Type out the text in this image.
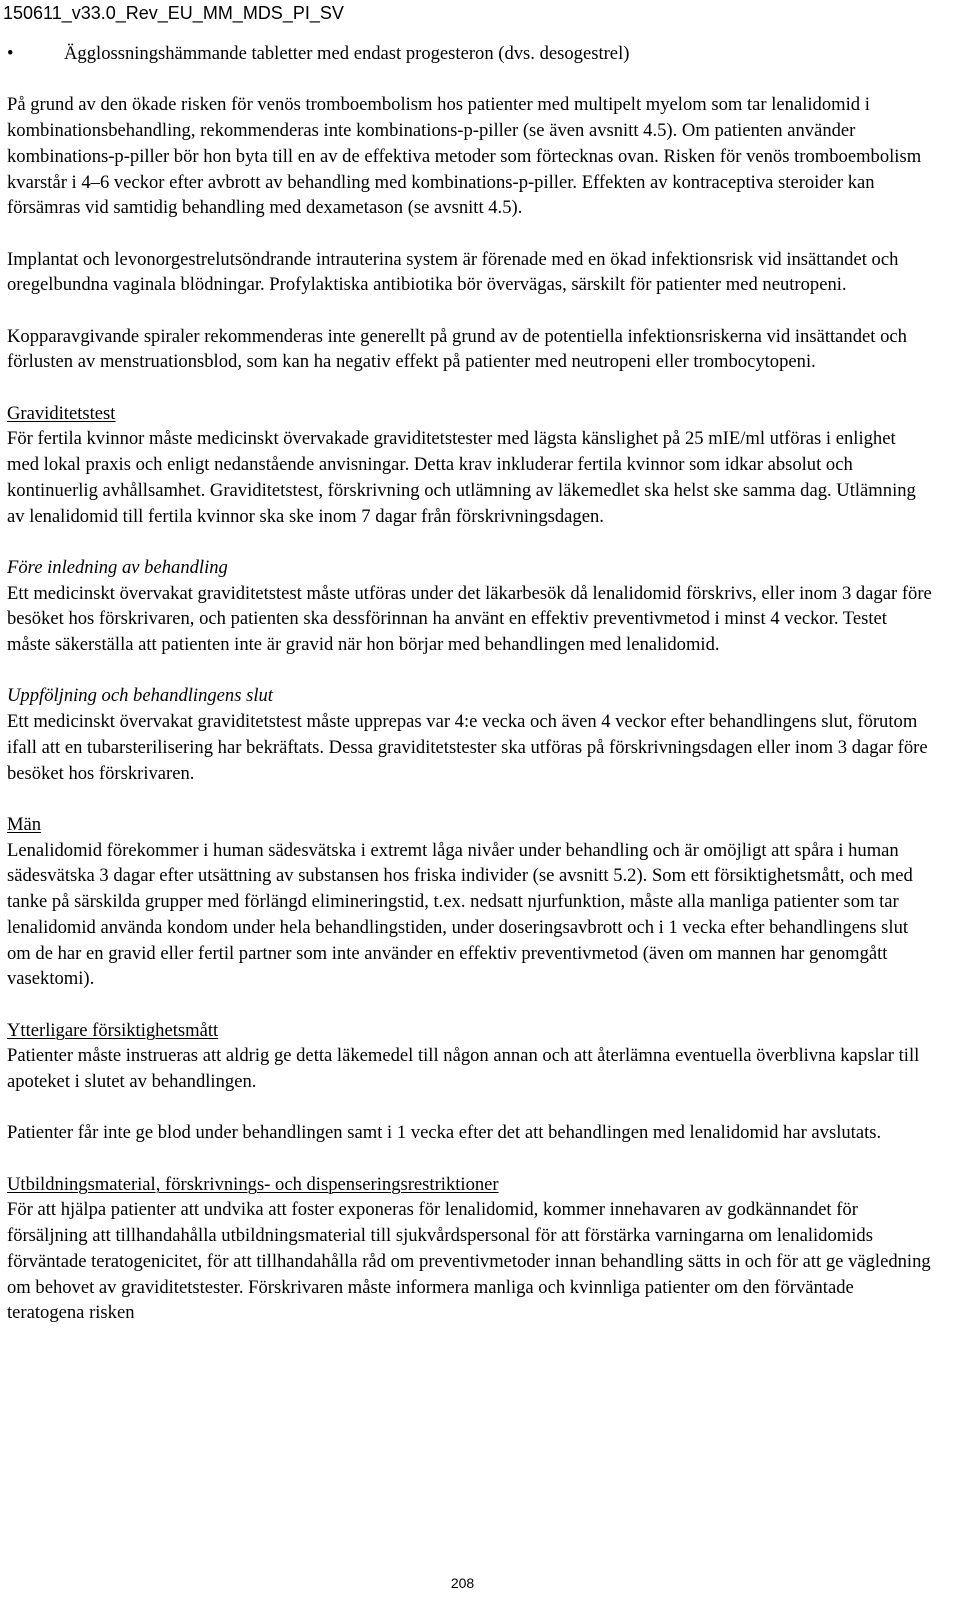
150611_v33.0_Rev_EU_MM_MDS_PI_SV
•	Ägglossningshämmande tabletter med endast progesteron (dvs. desogestrel)

På grund av den ökade risken för venös tromboembolism hos patienter med multipelt myelom som tar lenalidomid i kombinationsbehandling, rekommenderas inte kombinations-p-piller (se även avsnitt 4.5). Om patienten använder kombinations-p-piller bör hon byta till en av de effektiva metoder som förtecknas ovan. Risken för venös tromboembolism kvarstår i 4–6 veckor efter avbrott av behandling med kombinations-p-piller. Effekten av kontraceptiva steroider kan försämras vid samtidig behandling med dexametason (se avsnitt 4.5).

Implantat och levonorgestrelutsöndrande intrauterina system är förenade med en ökad infektionsrisk vid insättandet och oregelbundna vaginala blödningar. Profylaktiska antibiotika bör övervägas, särskilt för patienter med neutropeni.

Kopparavgivande spiraler rekommenderas inte generellt på grund av de potentiella infektionsriskerna vid insättandet och förlusten av menstruationsblod, som kan ha negativ effekt på patienter med neutropeni eller trombocytopeni.

Graviditetstest
För fertila kvinnor måste medicinskt övervakade graviditetstester med lägsta känslighet på 25 mIE/ml utföras i enlighet med lokal praxis och enligt nedanstående anvisningar. Detta krav inkluderar fertila kvinnor som idkar absolut och kontinuerlig avhållsamhet. Graviditetstest, förskrivning och utlämning av läkemedlet ska helst ske samma dag. Utlämning av lenalidomid till fertila kvinnor ska ske inom 7 dagar från förskrivningsdagen.

Före inledning av behandling
Ett medicinskt övervakat graviditetstest måste utföras under det läkarbesök då lenalidomid förskrivs, eller inom 3 dagar före besöket hos förskrivaren, och patienten ska dessförinnan ha använt en effektiv preventivmetod i minst 4 veckor. Testet måste säkerställa att patienten inte är gravid när hon börjar med behandlingen med lenalidomid.

Uppföljning och behandlingens slut
Ett medicinskt övervakat graviditetstest måste upprepas var 4:e vecka och även 4 veckor efter behandlingens slut, förutom ifall att en tubarsterilisering har bekräftats. Dessa graviditetstester ska utföras på förskrivningsdagen eller inom 3 dagar före besöket hos förskrivaren.

Män
Lenalidomid förekommer i human sädesvätska i extremt låga nivåer under behandling och är omöjligt att spåra i human sädesvätska 3 dagar efter utsättning av substansen hos friska individer (se avsnitt 5.2). Som ett försiktighetsmått, och med tanke på särskilda grupper med förlängd elimineringstid, t.ex. nedsatt njurfunktion, måste alla manliga patienter som tar lenalidomid använda kondom under hela behandlingstiden, under doseringsavbrott och i 1 vecka efter behandlingens slut om de har en gravid eller fertil partner som inte använder en effektiv preventivmetod (även om mannen har genomgått vasektomi).

Ytterligare försiktighetsmått
Patienter måste instrueras att aldrig ge detta läkemedel till någon annan och att återlämna eventuella överblivna kapslar till apoteket i slutet av behandlingen.

Patienter får inte ge blod under behandlingen samt i 1 vecka efter det att behandlingen med lenalidomid har avslutats.

Utbildningsmaterial, förskrivnings- och dispenseringsrestriktioner
För att hjälpa patienter att undvika att foster exponeras för lenalidomid, kommer innehavaren av godkännandet för försäljning att tillhandahålla utbildningsmaterial till sjukvårdspersonal för att förstärka varningarna om lenalidomids förväntade teratogenicitet, för att tillhandahålla råd om preventivmetoder innan behandling sätts in och för att ge vägledning om behovet av graviditetstester. Förskrivaren måste informera manliga och kvinnliga patienter om den förväntade teratogena risken

208
